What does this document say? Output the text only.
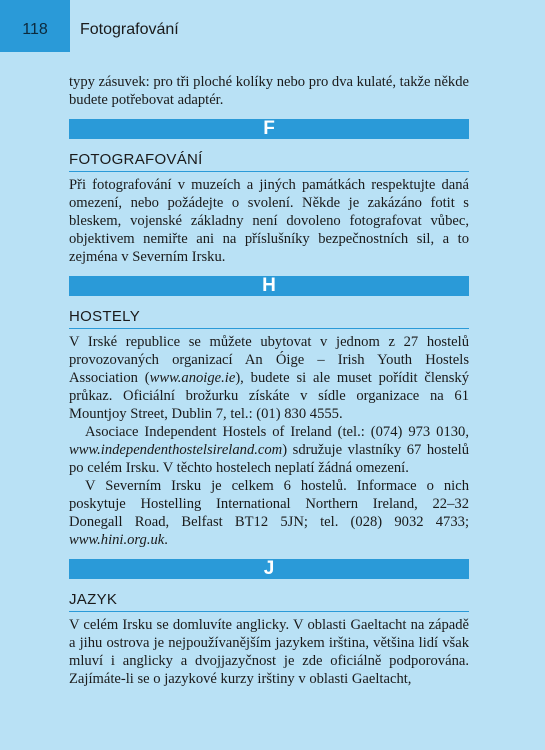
118	Fotografování

typy zásuvek: pro tři ploché kolíky nebo pro dva kulaté, takže někde budete potřebovat adaptér.

F
FOTOGRAFOVÁNÍ

Při fotografování v muzeích a jiných památkách respektujte daná omezení, nebo požádejte o svolení. Někde je zakázáno fotit s bleskem, vojenské základny není dovoleno fotografovat vůbec, objektivem nemiřte ani na příslušníky bezpečnostních sil, a to zejména v Severním Irsku.

H
HOSTELY

V Irské republice se můžete ubytovat v jednom z 27 hostelů provozovaných organizací An Óige – Irish Youth Hostels Association (www.anoige.ie), budete si ale muset pořídit členský průkaz. Oficiální brožurku získáte v sídle organizace na 61 Mountjoy Street, Dublin 7, tel.: (01) 830 4555.

Asociace Independent Hostels of Ireland (tel.: (074) 973 0130, www.independenthostelsireland.com) sdružuje vlastníky 67 hostelů po celém Irsku. V těchto hostelech neplatí žádná omezení.

V Severním Irsku je celkem 6 hostelů. Informace o nich poskytuje Hostelling International Northern Ireland, 22–32 Donegall Road, Belfast BT12 5JN; tel. (028) 9032 4733; www.hini.org.uk.

J
JAZYK

V celém Irsku se domluvíte anglicky. V oblasti Gaeltacht na západě a jihu ostrova je nejpoužívanějším jazykem irština, většina lidí však mluví i anglicky a dvojjazyčnost je zde oficiálně podporována. Zajímáte-li se o jazykové kurzy irštiny v oblasti Gaeltacht,
